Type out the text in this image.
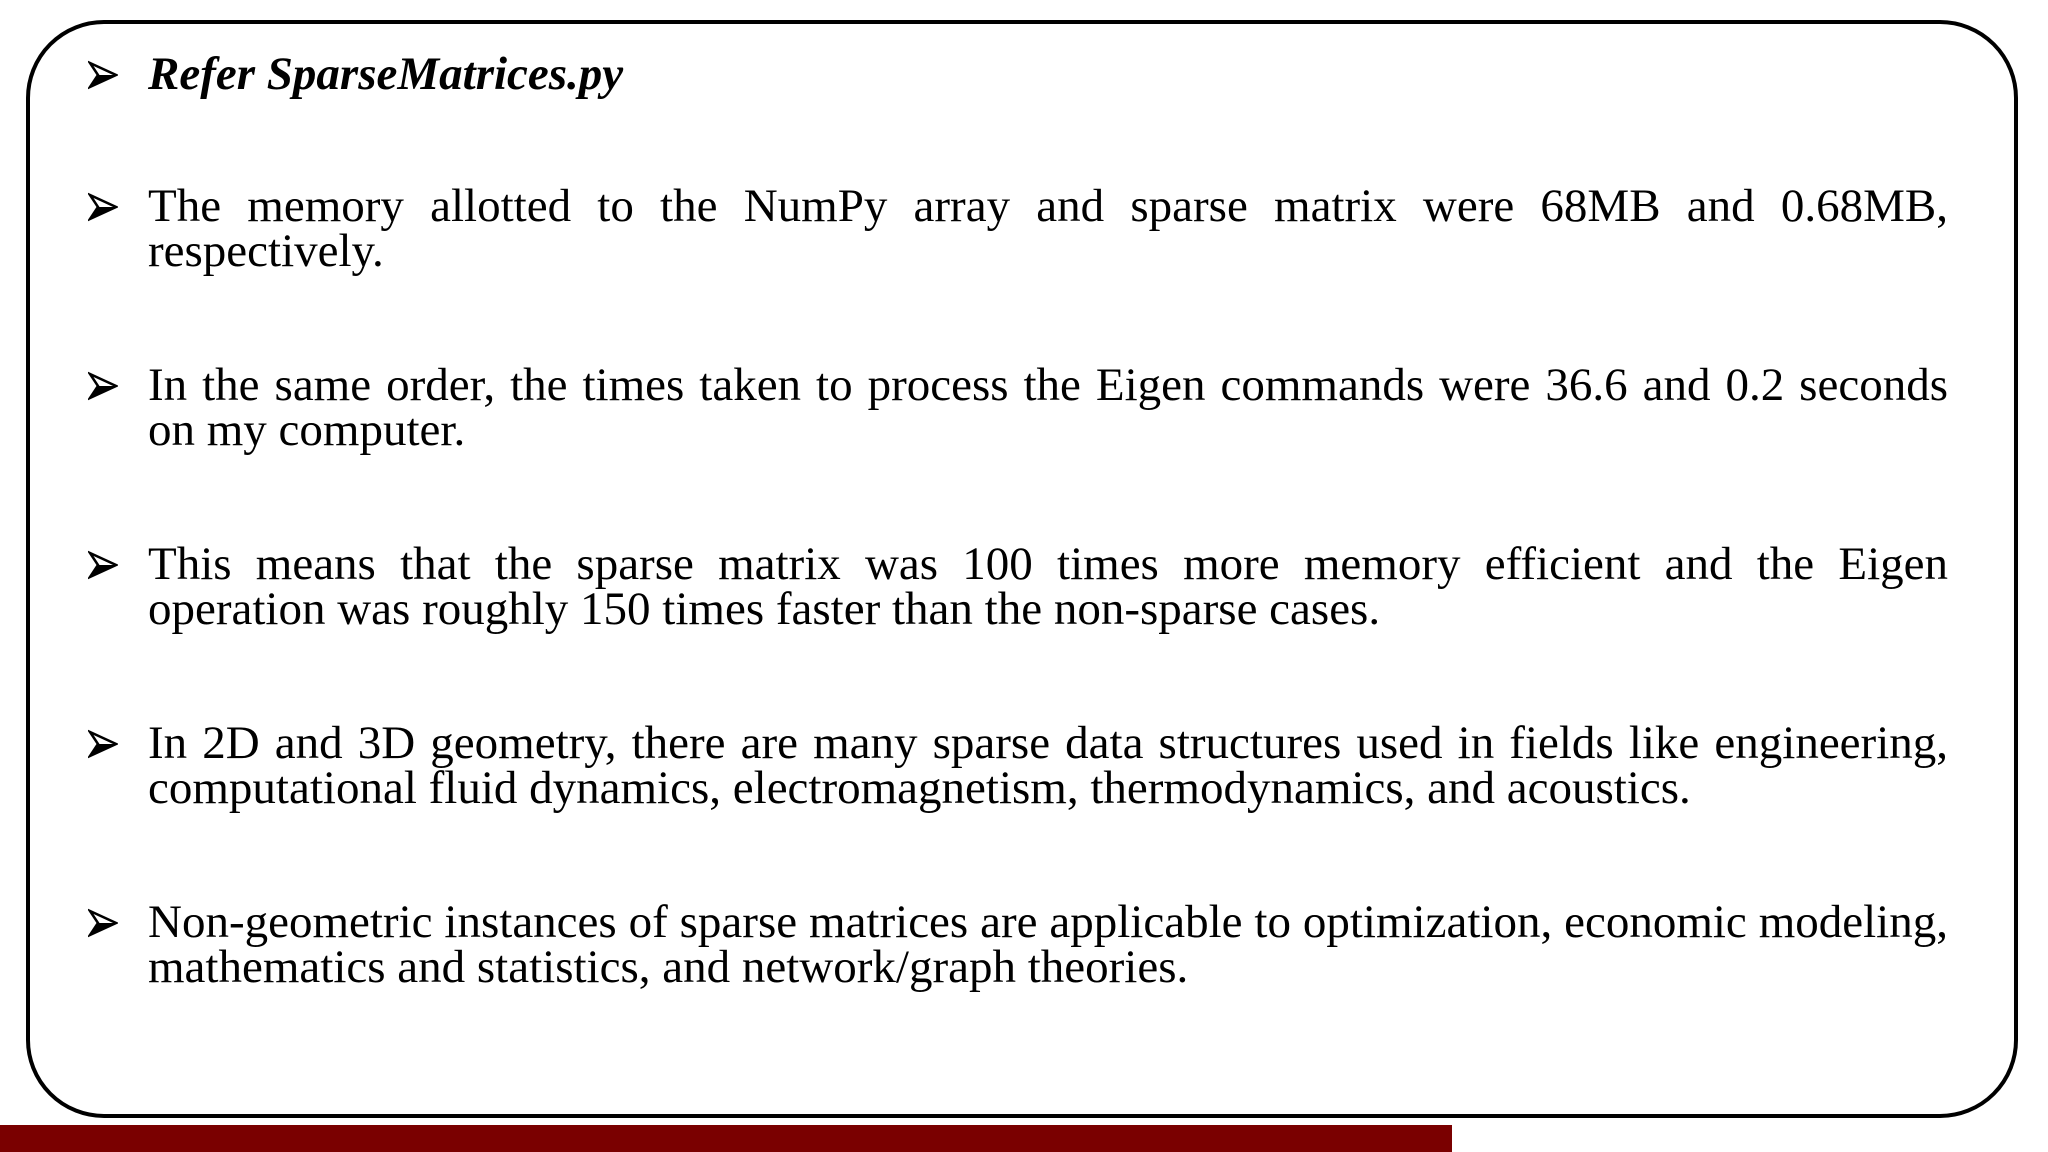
Refer SparseMatrices.py
The memory allotted to the NumPy array and sparse matrix were 68MB and 0.68MB, respectively.
In the same order, the times taken to process the Eigen commands were 36.6 and 0.2 seconds on my computer.
This means that the sparse matrix was 100 times more memory efficient and the Eigen operation was roughly 150 times faster than the non-sparse cases.
In 2D and 3D geometry, there are many sparse data structures used in fields like engineering, computational fluid dynamics, electromagnetism, thermodynamics, and acoustics.
Non-geometric instances of sparse matrices are applicable to optimization, economic modeling, mathematics and statistics, and network/graph theories.
